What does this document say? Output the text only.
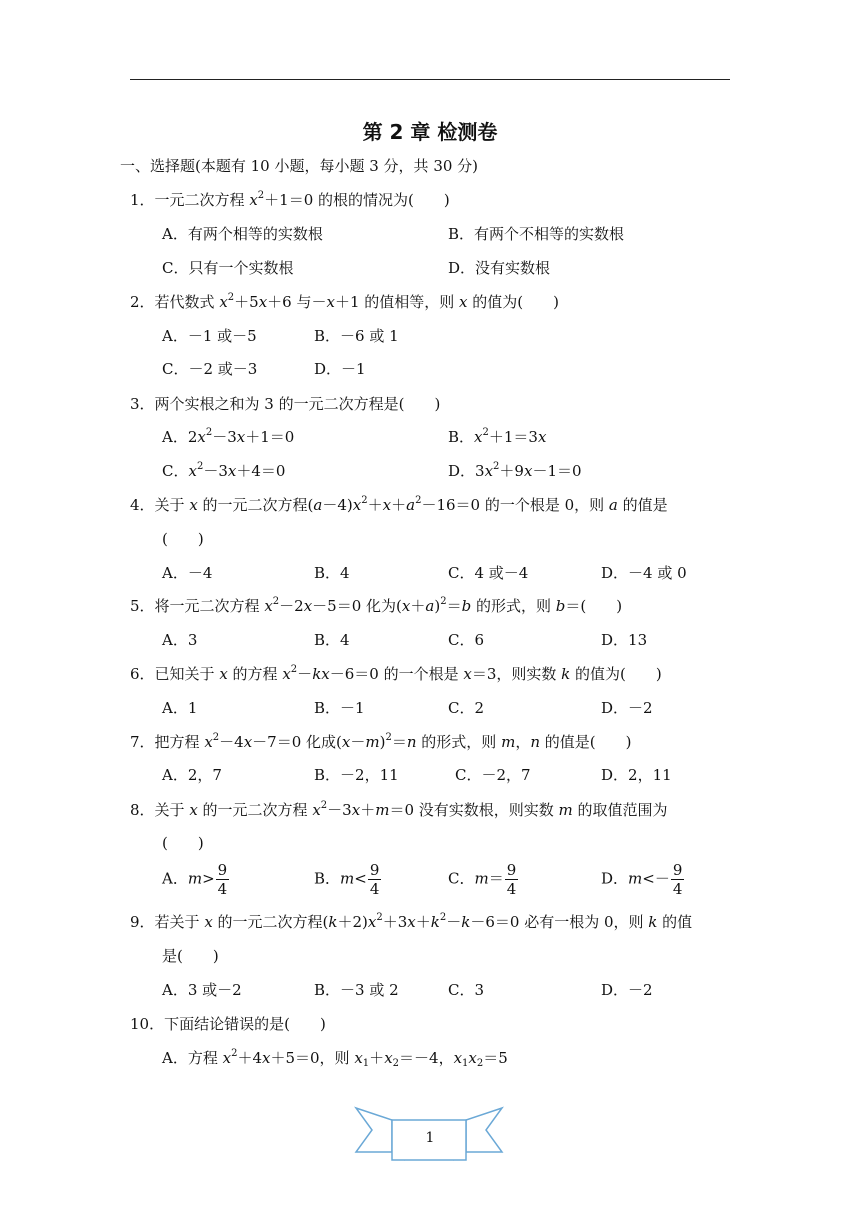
第 2 章 检测卷
一、选择题(本题有 10 小题，每小题 3 分，共 30 分)
1．一元二次方程 $x^2+1=0$ 的根的情况为(　　)
A．有两个相等的实数根	B．有两个不相等的实数根
C．只有一个实数根	D．没有实数根
2．若代数式 $x^2+5x+6$ 与－x＋1 的值相等，则 x 的值为(　　)
A．－1 或－5	B．－6 或 1
C．－2 或－3	D．－1
3．两个实根之和为 3 的一元二次方程是(　　)
A．$2x^2-3x+1=0$	B．$x^2+1=3x$
C．$x^2-3x+4=0$	D．$3x^2+9x-1=0$
4．关于 x 的一元二次方程$(a-4)x^2+x+a^2-16=0$ 的一个根是 0，则 a 的值是
(　　)
A．－4	B．4	C．4 或－4	D．－4 或 0
5．将一元二次方程 $x^2-2x-5=0$ 化为$(x+a)^2=b$ 的形式，则 b＝(　　)
A．3	B．4	C．6	D．13
6．已知关于 x 的方程 $x^2-kx-6=0$ 的一个根是 x＝3，则实数 k 的值为(　　)
A．1	B．－1	C．2	D．－2
7．把方程 $x^2-4x-7=0$ 化成$(x-m)^2=n$ 的形式，则 m，n 的值是(　　)
A．2，7	B．－2，11	C．－2，7	D．2，11
8．关于 x 的一元二次方程 $x^2-3x+m=0$ 没有实数根，则实数 m 的取值范围为
(　　)
A．$m> \frac{9}{4}$	B．$m< \frac{9}{4}$	C．$m= \frac{9}{4}$	D．$m<- \frac{9}{4}$
9．若关于 x 的一元二次方程$(k+2)x^2+3x+k^2-k-6=0$ 必有一根为 0，则 k 的值
是(　　)
A．3 或－2	B．－3 或 2	C．3	D．－2
10．下面结论错误的是(　　)
A．方程 $x^2+4x+5=0$，则 $x_1+x_2=-4$，$x_1x_2=5$
1
